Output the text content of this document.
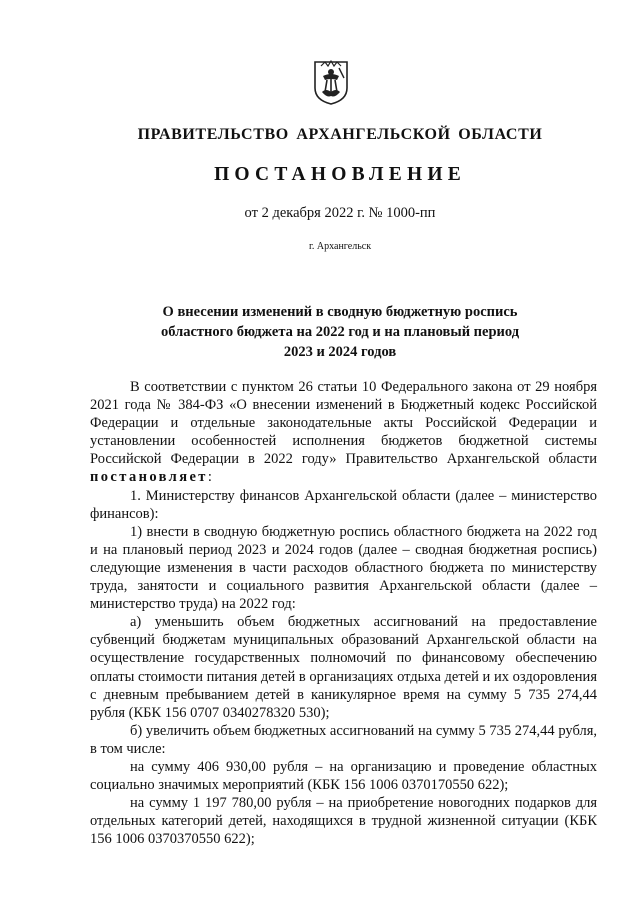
ПРАВИТЕЛЬСТВО АРХАНГЕЛЬСКОЙ ОБЛАСТИ
ПОСТАНОВЛЕНИЕ
от 2 декабря 2022 г. № 1000-пп
г. Архангельск
О внесении изменений в сводную бюджетную роспись областного бюджета на 2022 год и на плановый период 2023 и 2024 годов

В соответствии с пунктом 26 статьи 10 Федерального закона от 29 ноября 2021 года № 384-ФЗ «О внесении изменений в Бюджетный кодекс Российской Федерации и отдельные законодательные акты Российской Федерации и установлении особенностей исполнения бюджетов бюджетной системы Российской Федерации в 2022 году» Правительство Архангельской области постановляет:

1. Министерству финансов Архангельской области (далее – министерство финансов):

1) внести в сводную бюджетную роспись областного бюджета на 2022 год и на плановый период 2023 и 2024 годов (далее – сводная бюджетная роспись) следующие изменения в части расходов областного бюджета по министерству труда, занятости и социального развития Архангельской области (далее – министерство труда) на 2022 год:

а) уменьшить объем бюджетных ассигнований на предоставление субвенций бюджетам муниципальных образований Архангельской области на осуществление государственных полномочий по финансовому обеспечению оплаты стоимости питания детей в организациях отдыха детей и их оздоровления с дневным пребыванием детей в каникулярное время на сумму 5 735 274,44 рубля (КБК 156 0707 0340278320 530);

б) увеличить объем бюджетных ассигнований на сумму 5 735 274,44 рубля, в том числе:

на сумму 406 930,00 рубля – на организацию и проведение областных социально значимых мероприятий (КБК 156 1006 0370170550 622);

на сумму 1 197 780,00 рубля – на приобретение новогодних подарков для отдельных категорий детей, находящихся в трудной жизненной ситуации (КБК 156 1006 0370370550 622);
